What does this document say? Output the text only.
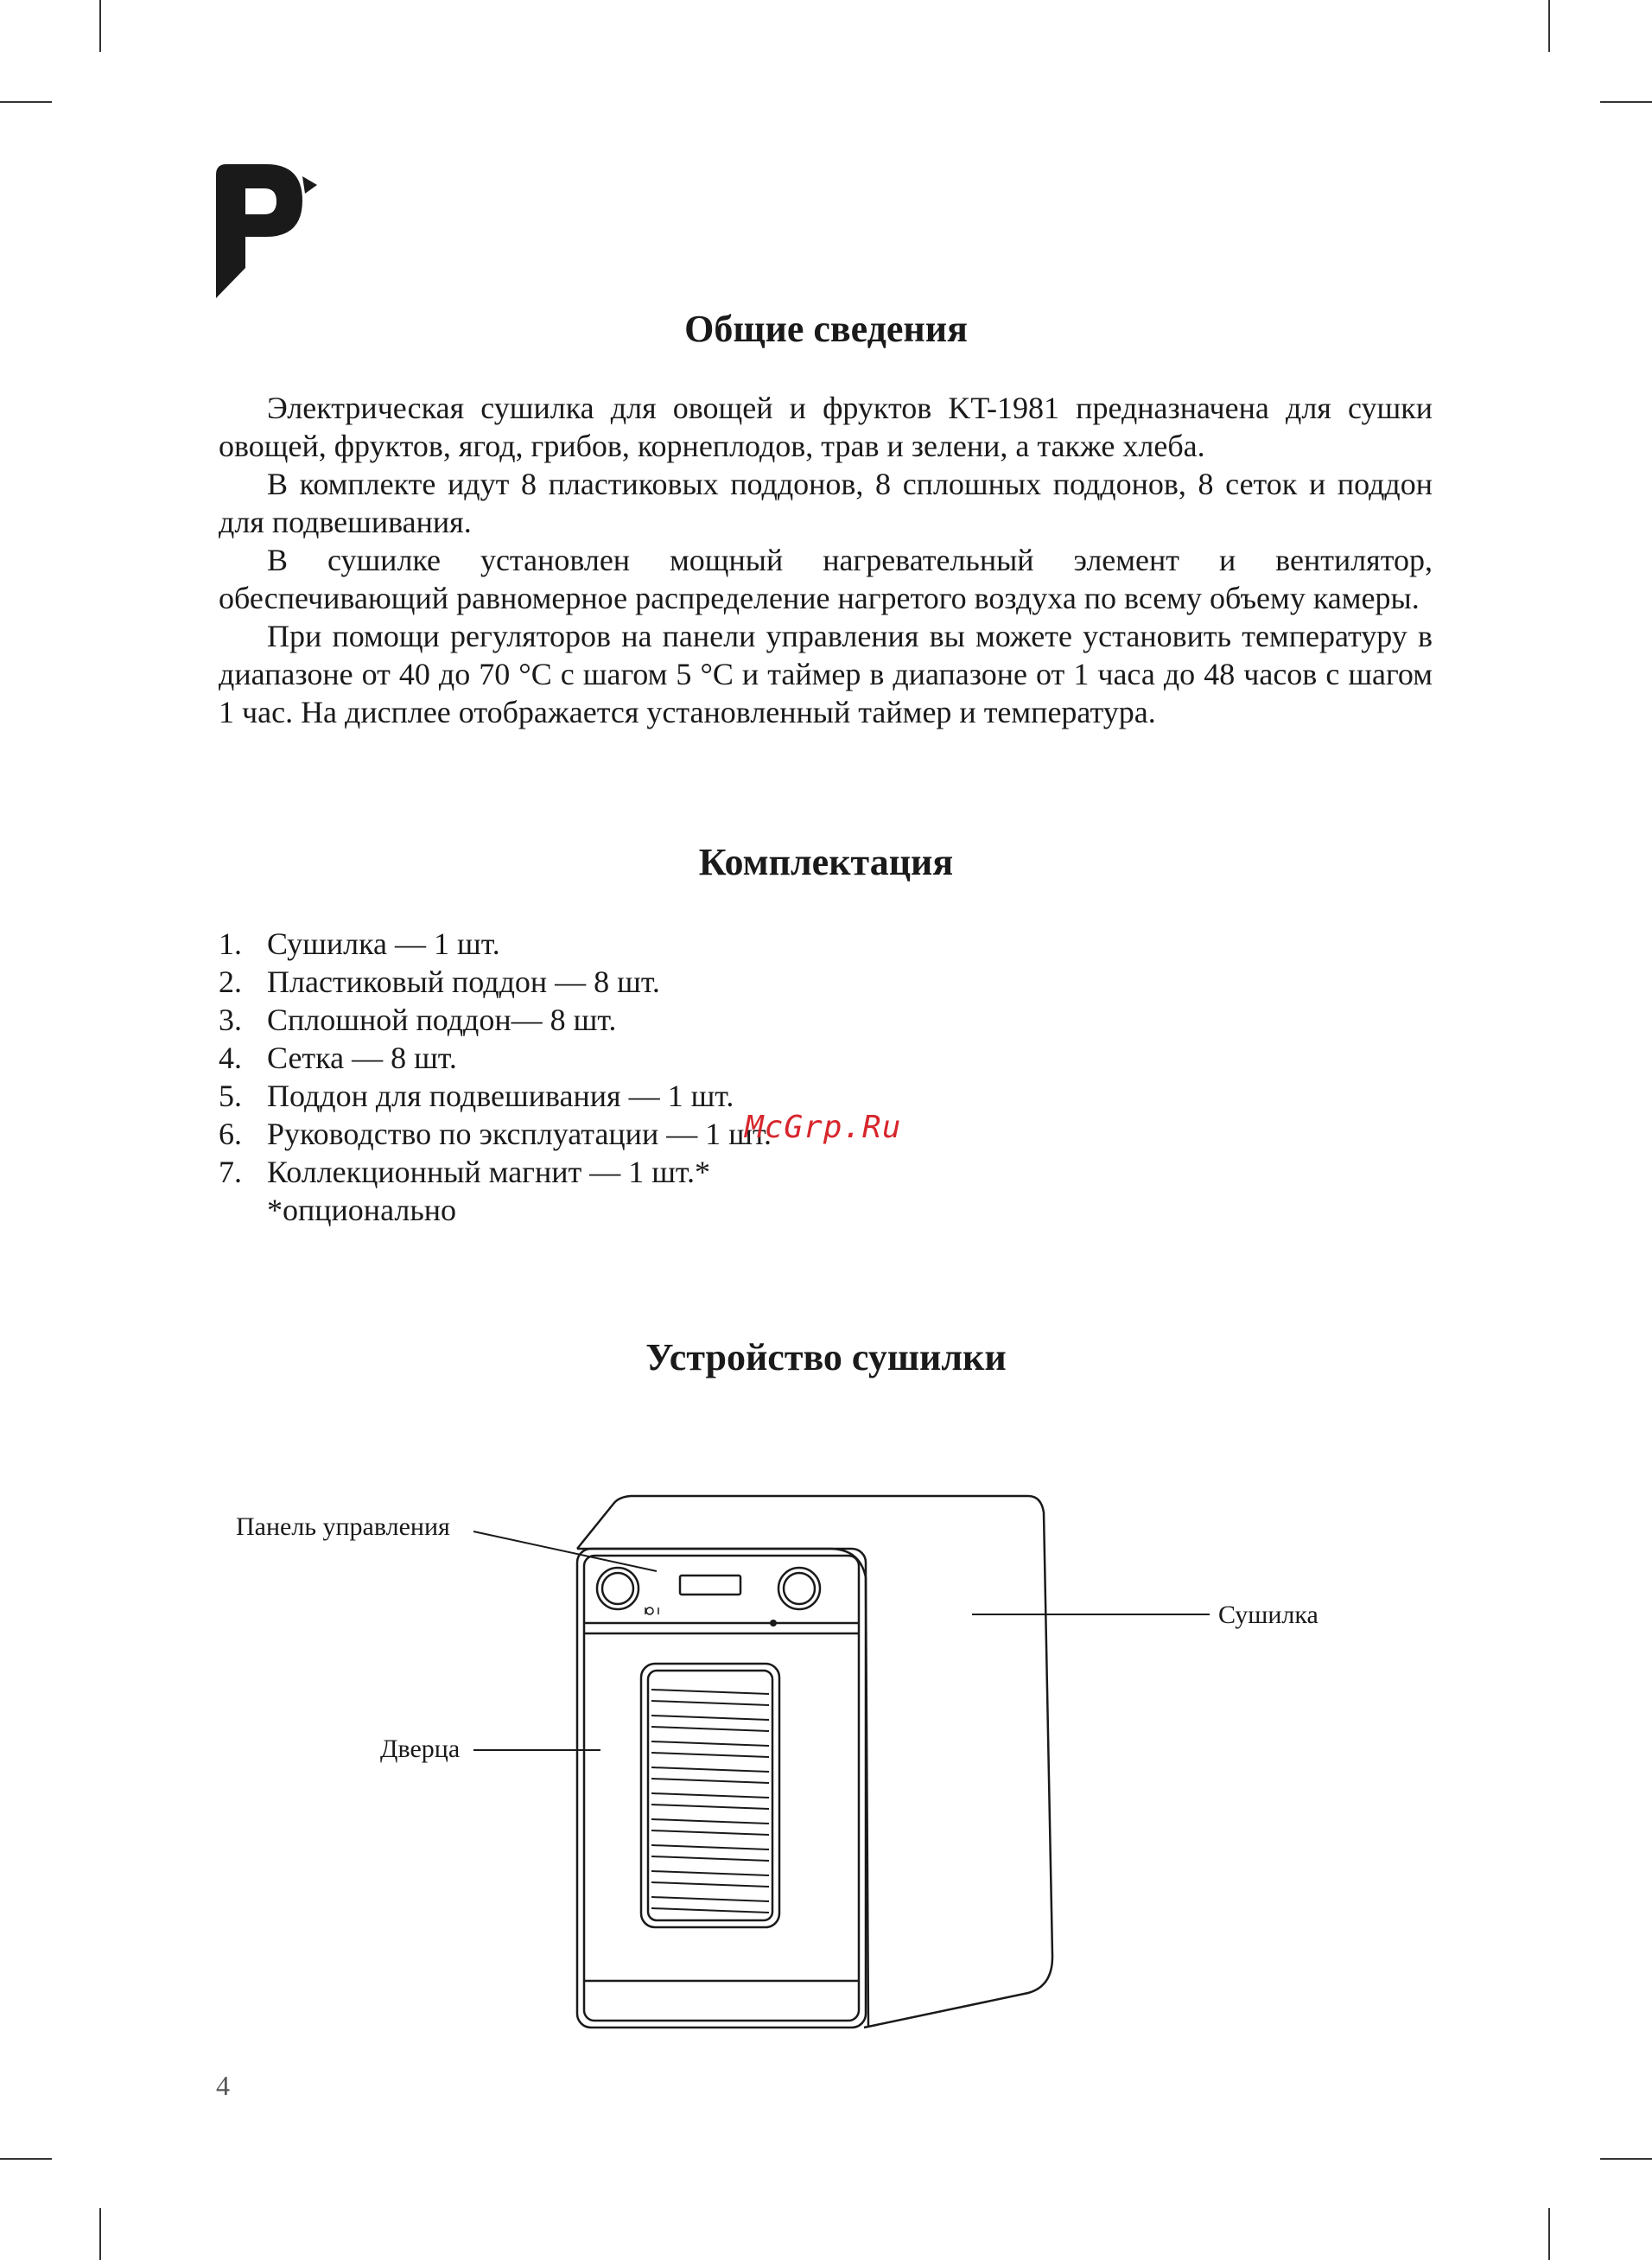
Общие сведения

Электрическая сушилка для овощей и фруктов KT-1981 предназначена для сушки овощей, фруктов, ягод, грибов, корнеплодов, трав и зелени, а также хлеба.

В комплекте идут 8 пластиковых поддонов, 8 сплошных поддонов, 8 сеток и поддон для подвешивания.

В сушилке установлен мощный нагревательный элемент и вентилятор, обеспечивающий равномерное распределение нагретого воздуха по всему объему камеры.

При помощи регуляторов на панели управления вы можете установить температуру в диапазоне от 40 до 70 °C с шагом 5 °C и таймер в диапазоне от 1 часа до 48 часов с шагом 1 час. На дисплее отображается установленный таймер и температура.

Комплектация
1. Сушилка — 1 шт.
2. Пластиковый поддон — 8 шт.
3. Сплошной поддон— 8 шт.
4. Сетка — 8 шт.
5. Поддон для подвешивания — 1 шт.
6. Руководство по эксплуатации — 1 шт.
7. Коллекционный магнит — 1 шт.*
*опционально
McGrp.Ru
Устройство сушилки
Панель управления
Дверца
Сушилка
4
